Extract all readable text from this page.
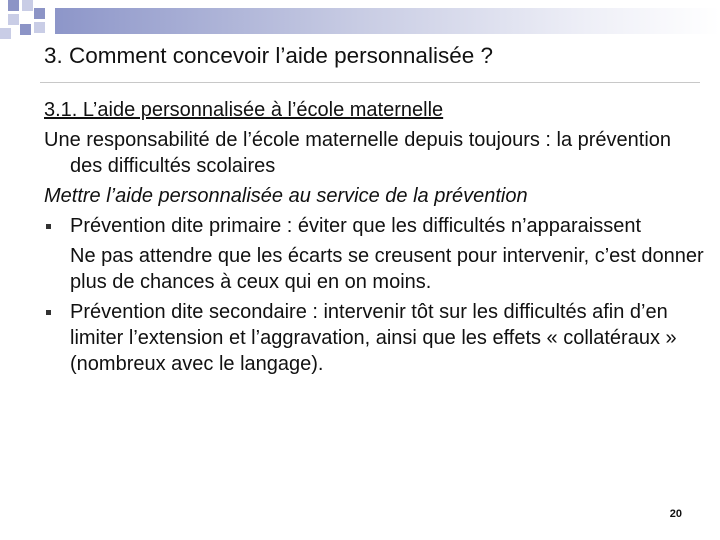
3. Comment concevoir l’aide personnalisée ?

3.1. L’aide personnalisée à l’école maternelle

Une responsabilité de l’école maternelle depuis toujours : la prévention des difficultés scolaires

Mettre l’aide personnalisée au service de la prévention

Prévention dite primaire : éviter que les difficultés n’apparaissent
Ne pas attendre que les écarts se creusent pour intervenir, c’est donner plus de chances à ceux qui en on moins.
Prévention dite secondaire : intervenir tôt sur les difficultés afin d’en limiter l’extension et l’aggravation, ainsi que les effets « collatéraux » (nombreux avec le langage).
20
